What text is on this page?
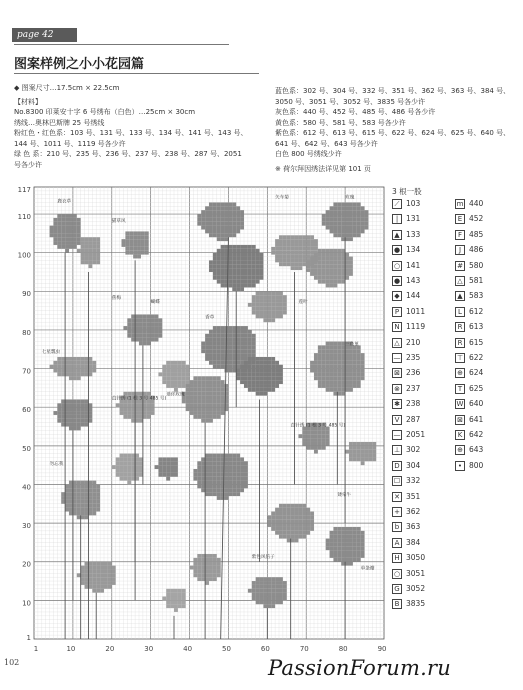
page 42
图案样例之小小花园篇
◆ 图案尺寸…17.5cm × 22.5cm
【材料】
No.8300 印莱安十字 6 号绣布（白色）…25cm × 30cm
绣线…奥林巴斯牌 25 号绣线
粉红色・红色系：103 号、131 号、133 号、134 号、141 号、143 号、
144 号、1011 号、1119 号各少许
绿 色 系：210 号、235 号、236 号、237 号、238 号、287 号、2051
号各少许
蓝色系：302 号、304 号、332 号、351 号、362 号、363 号、384 号、
3050 号、3051 号、3052 号、3835 号各少许
灰色系：440 号、452 号、485 号、486 号各少许
黄色系：580 号、581 号、583 号各少许
紫色系：612 号、613 号、615 号、622 号、624 号、625 号、640 号、
641 号、642 号、643 号各少许
白色 800 号绣线少许
※ 荷尔拜因绣法详见第 101 页
117
110
100
90
80
70
60
50
40
30
20
10
1
1	10	20	30	40	50	60	70	80	90
鹿衣草
猫草风
矢车菊	玫瑰
蕉梅
莲叶
香草
蝴蝶
七星瓢虫
三色堇
直针绣 (1 根 3 号 485 号)
迷你玫瑰
直针绣 (1 根 3 号 485 号)
勿忘我
矮牵牛
紫色风信子
单条瓣
3 根一股
⟋ 103
| 131
▲ 133
● 134
○ 141
● 143
◆ 144
P 1011
N 1119
△ 210
— 235
⊠ 236
⊗ 237
✱ 238
V 287
— 2051
⊥ 302
D 304
☐ 332
✕ 351
+ 362
b 363
A 384
H 3050
○ 3051
G 3052
B 3835
m 440
E 452
F 485
J 486
# 580
△ 581
▲ 583
L 612
R 613
R 615
⊤ 622
⊕ 624
T 625
W 640
⊠ 641
K 642
⊕ 643
• 800
102	PassionForum.ru
